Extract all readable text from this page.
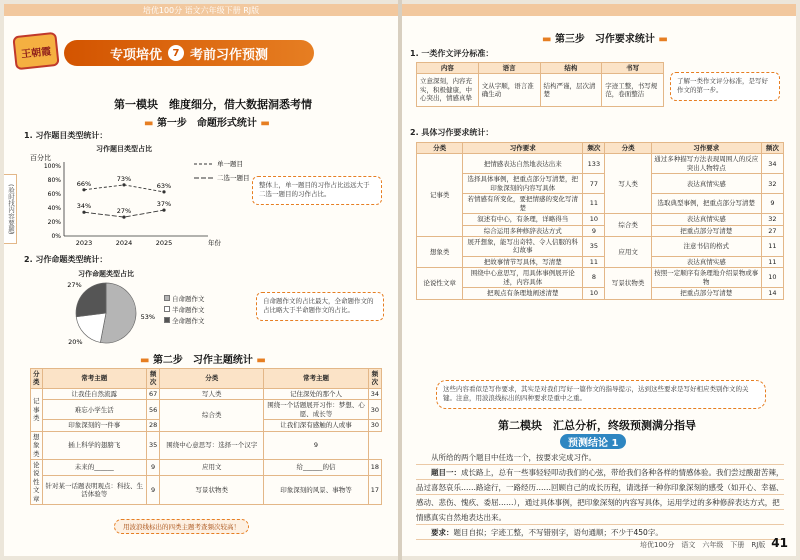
培优100分 语文六年级下册 RJ版
(验时找内容要题)
王朝霞	专项培优	7 考前习作预测
第一模块　维度细分，借大数据洞悉考情
▬ 第一步　命题形式统计 ▬
1. 习作题目类型统计：
习作题目类型占比
百分比
0%
20%
40%
60%
80%
100%
2023	2024	2025	年份
66%
73%
63%
单一题目
34%
27%
37%
二选一题目
整体上，单一题目的习作占比远远大于二选一题目的习作占比。
2. 习作命题类型统计：
习作命题类型占比
53%
20%
27%
自命题作文
半命题作文
全命题作文
自命题作文的占比最大，全命题作文的占比略大于半命题作文的占比。
▬ 第二步　习作主题统计 ▬
分类	常考主题	频次	分类	常考主题	频次
记事类	让我佳自然流露	67	写人类	记住深处的那个人	34
	难忘小学生活	56	综合类	围绕一个话题展开习作：梦想、心愿、成长等	30
	印象深刻的一件事	28		让我们深有感触的人或事	30
想象类	插上科学的翅膀飞	35	围绕中心意思写：选择一个汉字	9	
论说性文章	未来的______	9	应用文	给______的信	18
	针对某一话题表明观点：科技、生活体验等	9	写景状物类	印象深刻的风景、事物等	17
用波浪线标出的四类主题考查频次较高！
▬ 第三步　习作要求统计 ▬
1. 一类作文评分标准：
内容	语言	结构	书写
立意深刻，内容充实，积极健康，中心突出，情感真挚	文从字顺，语言准确生动	结构严谨，层次清楚	字迹工整，书写规范，卷面整洁
了解一类作文评分标准，是写好作文的第一步。
2. 具体习作要求统计：
分类	习作要求	频次	分类	习作要求	频次
记事类	把情感表达自然地表达出来	133	写人类	通过多种描写方法表现周围人的反应突出人物特点	34
	选择具体事例，把重点部分写清楚，把印象深刻的内容写具体	77		表达真情实感	32
	若情感有所变化，要把情感的变化写清楚	11		选取典型事例，把重点部分写清楚	9
	叙述有中心，有条理，详略得当	10	综合类	表达真情实感	32
	综合运用多种修辞表达方式	9		把重点部分写清楚	27
想象类	展开想象，能写出奇特、令人信服的科幻故事	35	应用文	注意书信的格式	11
	把故事情节写具体，写清楚	11		表达真情实感	11
论说性文章	围绕中心意思写，用具体事例展开论述，内容具体	8	写景状物类	按照一定顺序有条理地介绍景物或事物	10
	把观点有条理地阐述清楚	10		把重点部分写清楚	14
这些内容看似是写作要求，其实是对我们写好一篇作文的指导提示，达到这些要求是写好相应类别作文的关键。注意，用波浪线标出的四种要求是重中之重。
第二模块　汇总分析，终级预测满分指导
预测结论 1
从所给的两个题目中任选一个，按要求完成习作。
题目一：成长路上，总有一些事轻轻叩动我们的心弦，带给我们各种各样的情感体验。我们尝过酸甜苦辣，品过喜怒哀乐……路途行，一路经历……回顾自己的成长历程，请选择一种你印象深刻的感受（如开心、幸福、感动、悲伤、愧疚、委屈……），通过具体事例，把印象深刻的内容写具体，运用学过的多种修辞表达方式，把情感真实自然地表达出来。
要求：题目自拟；字迹工整，不写错别字，语句通顺；不少于450字。
培优100分　语文　六年级　下册　RJ版 41
